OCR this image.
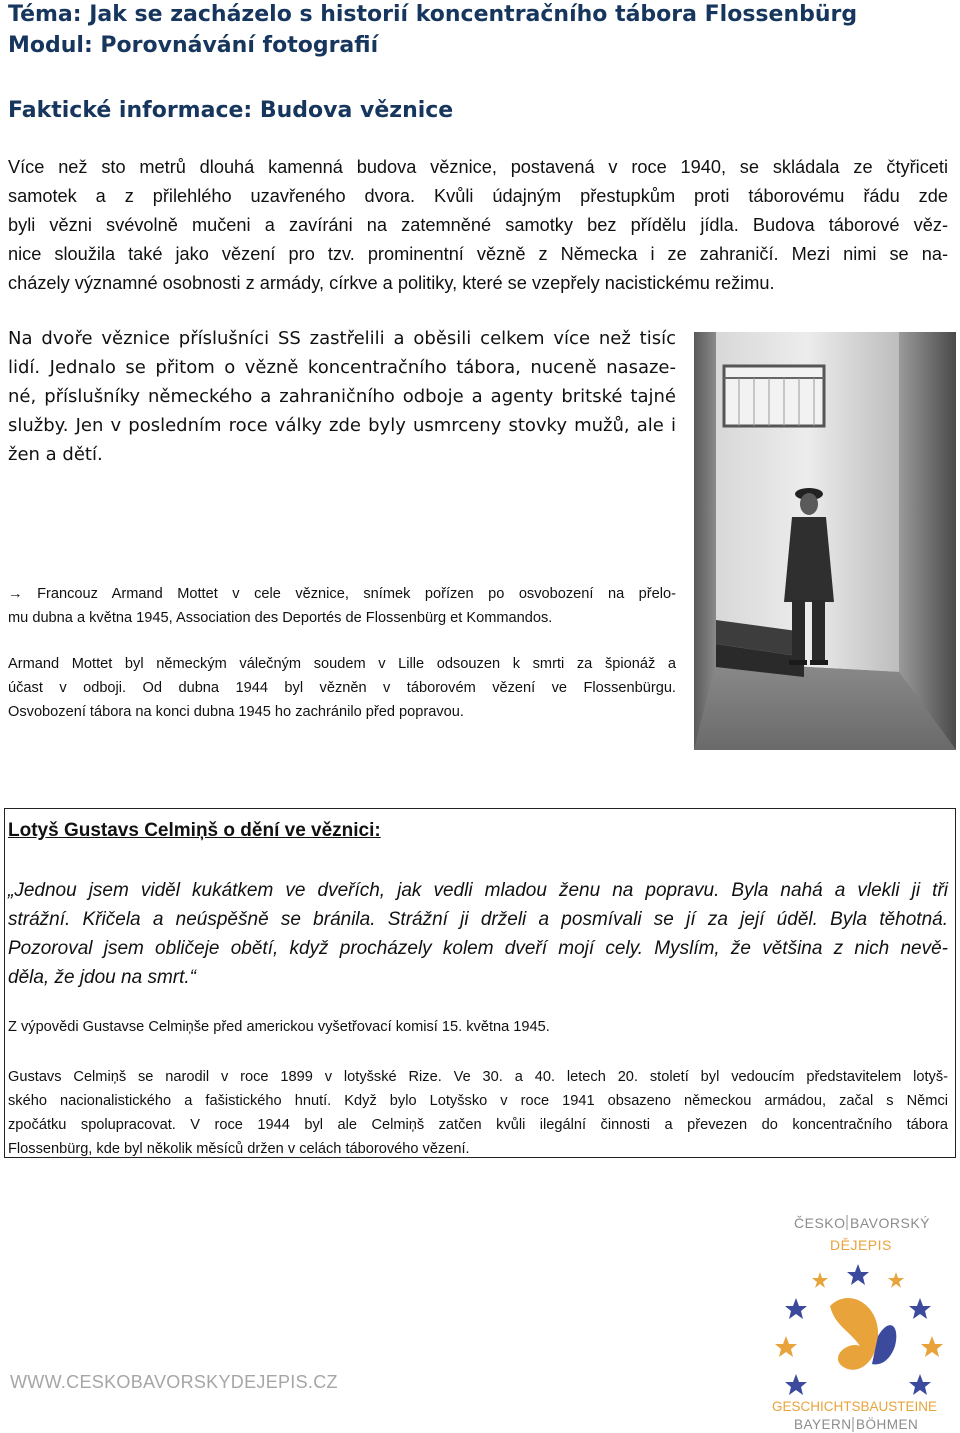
Téma: Jak se zacházelo s historií koncentračního tábora Flossenbürg
Modul: Porovnávání fotografií
Faktické informace: Budova věznice
Více než sto metrů dlouhá kamenná budova věznice, postavená v roce 1940, se skládala ze čtyřiceti
samotek a z přilehlého uzavřeného dvora. Kvůli údajným přestupkům proti táborovému řádu zde
byli vězni svévolně mučeni a zavíráni na zatemněné samotky bez přídělu jídla. Budova táborové věz-
nice sloužila také jako vězení pro tzv. prominentní vězně z Německa i ze zahraničí. Mezi nimi se na-
cházely významné osobnosti z armády, církve a politiky, které se vzepřely nacistickému režimu.
Na dvoře věznice příslušníci SS zastřelili a oběsili celkem více než tisíc
lidí. Jednalo se přitom o vězně koncentračního tábora, nuceně nasaze-
né, příslušníky německého a zahraničního odboje a agenty britské tajné
služby. Jen v posledním roce války zde byly usmrceny stovky mužů, ale i
žen a dětí.
→ Francouz Armand Mottet v cele věznice, snímek pořízen po osvobození na přelo-
mu dubna a května 1945, Association des Deportés de Flossenbürg et Kommandos.
Armand Mottet byl německým válečným soudem v Lille odsouzen k smrti za špionáž a
účast v odboji. Od dubna 1944 byl vězněn v táborovém vězení ve Flossenbürgu.
Osvobození tábora na konci dubna 1945 ho zachránilo před popravou.
Lotyš Gustavs Celmiņš o dění ve věznici:
„Jednou jsem viděl kukátkem ve dveřích, jak vedli mladou ženu na popravu. Byla nahá a vlekli ji tři
strážní. Křičela a neúspěšně se bránila. Strážní ji drželi a posmívali se jí za její úděl. Byla těhotná.
Pozoroval jsem obličeje obětí, když procházely kolem dveří mojí cely. Myslím, že většina z nich nevě-
děla, že jdou na smrt.“
Z výpovědi Gustavse Celmiņše před americkou vyšetřovací komisí 15. května 1945.
Gustavs Celmiņš se narodil v roce 1899 v lotyšské Rize. Ve 30. a 40. letech 20. století byl vedoucím představitelem lotyš-
ského nacionalistického a fašistického hnutí. Když bylo Lotyšsko v roce 1941 obsazeno německou armádou, začal s Němci
zpočátku spolupracovat. V roce 1944 byl ale Celmiņš zatčen kvůli ilegální činnosti a převezen do koncentračního tábora
Flossenbürg, kde byl několik měsíců držen v celách táborového vězení.
WWW.CESKOBAVORSKYDEJEPIS.CZ
ČESKO BAVORSKÝ
DĚJEPIS
GESCHICHTSBAUSTEINE
BAYERN BÖHMEN
